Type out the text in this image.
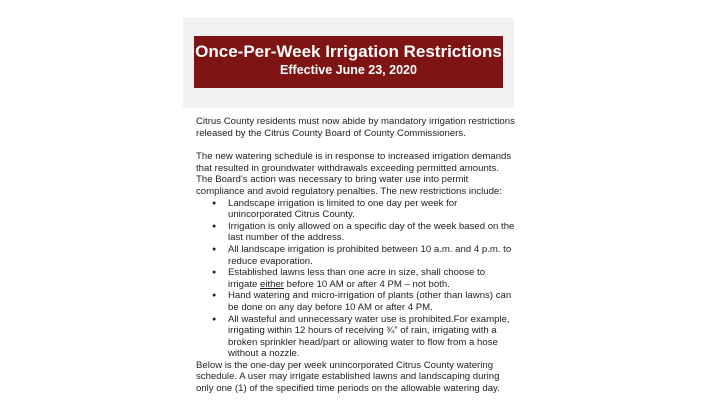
Once-Per-Week Irrigation Restrictions
Effective June 23, 2020

Citrus County residents must now abide by mandatory irrigation restrictions released by the Citrus County Board of County Commissioners.

The new watering schedule is in response to increased irrigation demands that resulted in groundwater withdrawals exceeding permitted amounts. The Board’s action was necessary to bring water use into permit compliance and avoid regulatory penalties. The new restrictions include:

● Landscape irrigation is limited to one day per week for unincorporated Citrus County.
● Irrigation is only allowed on a specific day of the week based on the last number of the address.
● All landscape irrigation is prohibited between 10 a.m. and 4 p.m. to reduce evaporation.
● Established lawns less than one acre in size, shall choose to irrigate either before 10 AM or after 4 PM – not both.
● Hand watering and micro-irrigation of plants (other than lawns) can be done on any day before 10 AM or after 4 PM.
● All wasteful and unnecessary water use is prohibited.For example, irrigating within 12 hours of receiving ¾” of rain, irrigating with a broken sprinkler head/part or allowing water to flow from a hose without a nozzle.

Below is the one-day per week unincorporated Citrus County watering schedule. A user may irrigate established lawns and landscaping during only one (1) of the specified time periods on the allowable watering day.
